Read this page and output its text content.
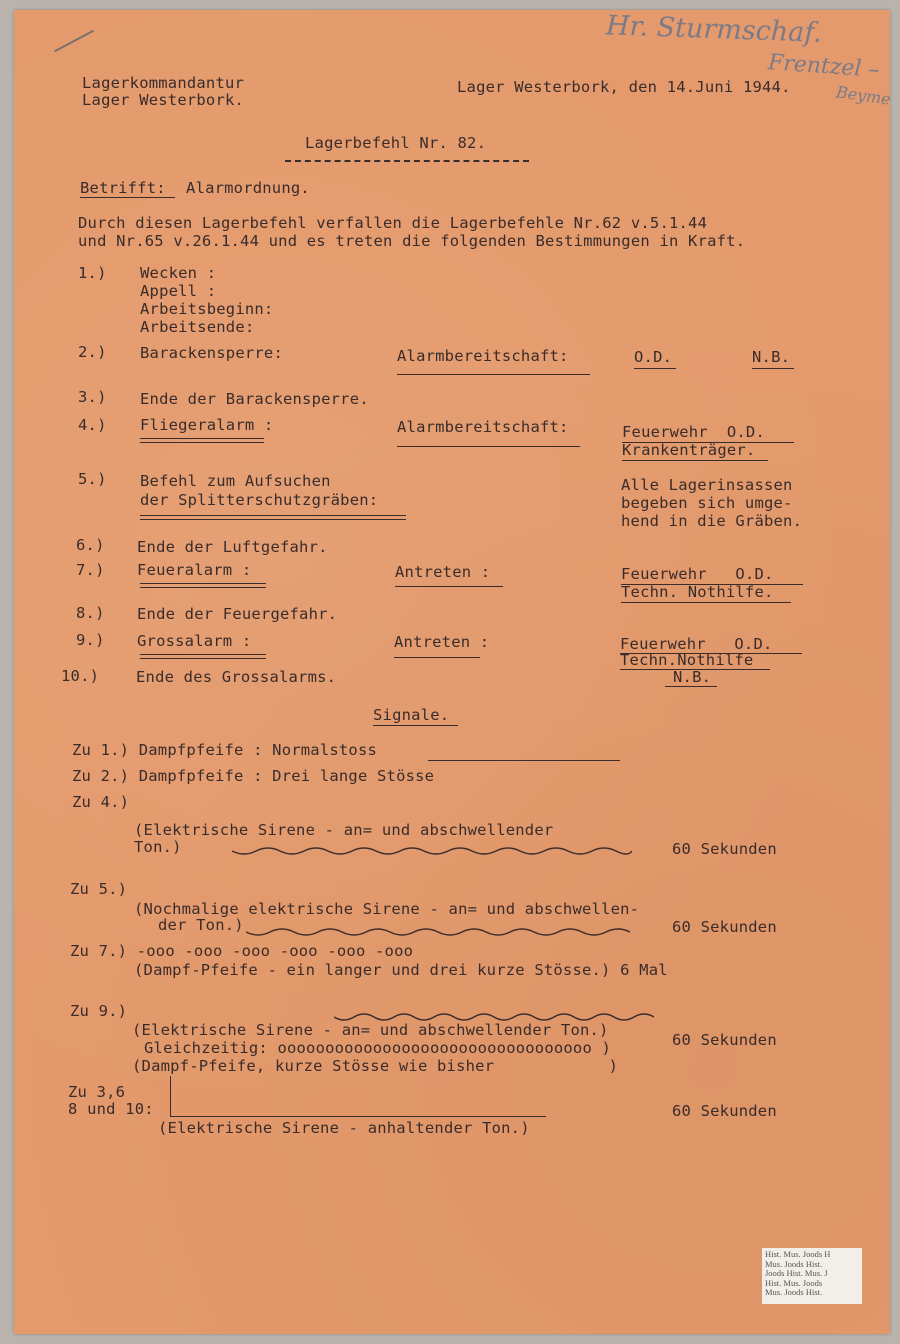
Hr. Sturmschaf.
Frentzel –
Beyme
Lagerkommandantur
Lager Westerbork.
Lager Westerbork, den 14.Juni 1944.
Lagerbefehl Nr. 82.
Betrifft: Alarmordnung.
Durch diesen Lagerbefehl verfallen die Lagerbefehle Nr.62 v.5.1.44
und Nr.65 v.26.1.44 und es treten die folgenden Bestimmungen in Kraft.
1.) Wecken :
Appell :
Arbeitsbeginn:
Arbeitsende:
2.) Barackensperre:	Alarmbereitschaft:	O.D.	N.B.
3.) Ende der Barackensperre.
4.) Fliegeralarm :	Alarmbereitschaft:	Feuerwehr  O.D.
Krankenträger.
5.) Befehl zum Aufsuchen
der Splitterschutzgräben:
Alle Lagerinsassen
begeben sich umge-
hend in die Gräben.
6.) Ende der Luftgefahr.
7.) Feueralarm :	Antreten :	Feuerwehr   O.D.
Techn. Nothilfe.
8.) Ende der Feuergefahr.
9.) Grossalarm :	Antreten :	Feuerwehr   O.D.
Techn.Nothilfe
N.B.
10.) Ende des Grossalarms.
Signale.
Zu 1.) Dampfpfeife : Normalstoss
Zu 2.) Dampfpfeife : Drei lange Stösse
Zu 4.)
(Elektrische Sirene - an= und abschwellender
Ton.)	60 Sekunden
Zu 5.)
(Nochmalige elektrische Sirene - an= und abschwellen-
der Ton.)	60 Sekunden
Zu 7.) -ooo -ooo -ooo -ooo -ooo -ooo
(Dampf-Pfeife - ein langer und drei kurze Stösse.) 6 Mal
Zu 9.)
(Elektrische Sirene - an= und abschwellender Ton.)
Gleichzeitig: ooooooooooooooooooooooooooooooooo )
(Dampf-Pfeife, kurze Stösse wie bisher            )
60 Sekunden
Zu 3,6
8 und 10:
(Elektrische Sirene - anhaltender Ton.)
60 Sekunden
Hist. Mus. Joods H
Mus. Joods Hist.
Joods Hist. Mus. J
Hist. Mus. Joods
Mus. Joods Hist.
